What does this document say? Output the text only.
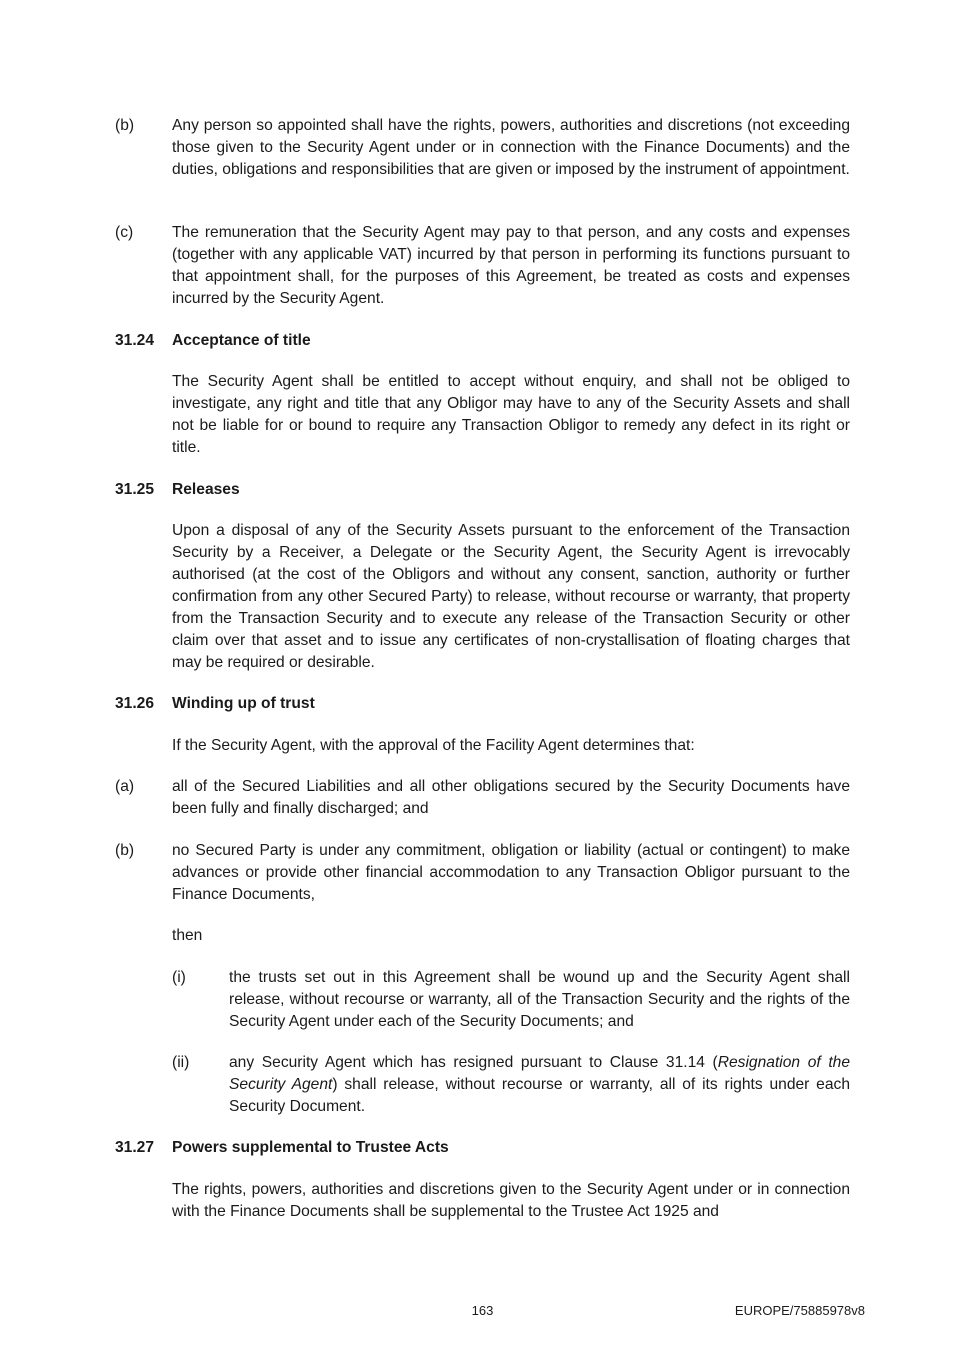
(b)	Any person so appointed shall have the rights, powers, authorities and discretions (not exceeding those given to the Security Agent under or in connection with the Finance Documents) and the duties, obligations and responsibilities that are given or imposed by the instrument of appointment.
(c)	The remuneration that the Security Agent may pay to that person, and any costs and expenses (together with any applicable VAT) incurred by that person in performing its functions pursuant to that appointment shall, for the purposes of this Agreement, be treated as costs and expenses incurred by the Security Agent.
31.24	Acceptance of title
The Security Agent shall be entitled to accept without enquiry, and shall not be obliged to investigate, any right and title that any Obligor may have to any of the Security Assets and shall not be liable for or bound to require any Transaction Obligor to remedy any defect in its right or title.
31.25	Releases
Upon a disposal of any of the Security Assets pursuant to the enforcement of the Transaction Security by a Receiver, a Delegate or the Security Agent, the Security Agent is irrevocably authorised (at the cost of the Obligors and without any consent, sanction, authority or further confirmation from any other Secured Party) to release, without recourse or warranty, that property from the Transaction Security and to execute any release of the Transaction Security or other claim over that asset and to issue any certificates of non-crystallisation of floating charges that may be required or desirable.
31.26	Winding up of trust
If the Security Agent, with the approval of the Facility Agent determines that:
(a)	all of the Secured Liabilities and all other obligations secured by the Security Documents have been fully and finally discharged; and
(b)	no Secured Party is under any commitment, obligation or liability (actual or contingent) to make advances or provide other financial accommodation to any Transaction Obligor pursuant to the Finance Documents,
then
(i)	the trusts set out in this Agreement shall be wound up and the Security Agent shall release, without recourse or warranty, all of the Transaction Security and the rights of the Security Agent under each of the Security Documents; and
(ii)	any Security Agent which has resigned pursuant to Clause 31.14 (Resignation of the Security Agent) shall release, without recourse or warranty, all of its rights under each Security Document.
31.27	Powers supplemental to Trustee Acts
The rights, powers, authorities and discretions given to the Security Agent under or in connection with the Finance Documents shall be supplemental to the Trustee Act 1925 and
163	EUROPE/75885978v8
